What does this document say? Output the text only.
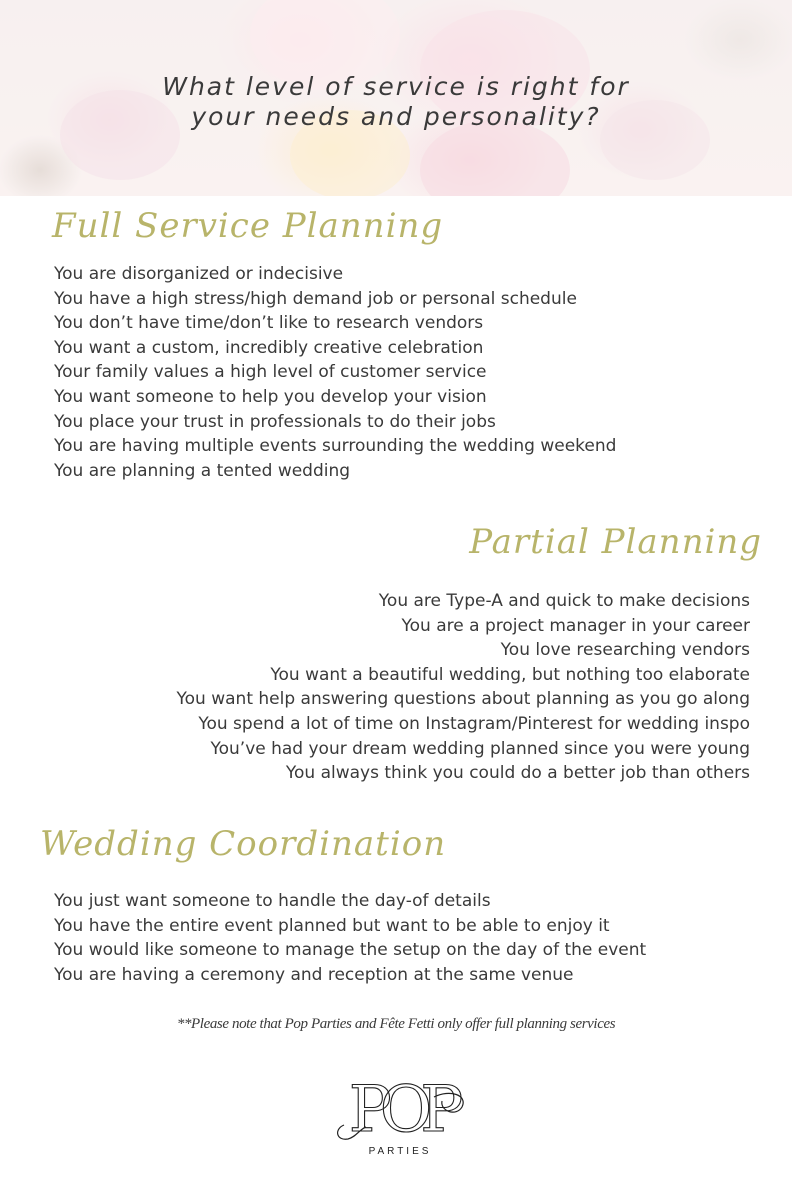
What level of service is right for
your needs and personality?
Full Service Planning
You are disorganized or indecisive
You have a high stress/high demand job or personal schedule
You don’t have time/don’t like to research vendors
You want a custom, incredibly creative celebration
Your family values a high level of customer service
You want someone to help you develop your vision
You place your trust in professionals to do their jobs
You are having multiple events surrounding the wedding weekend
You are planning a tented wedding
Partial Planning
You are Type-A and quick to make decisions
You are a project manager in your career
You love researching vendors
You want a beautiful wedding, but nothing too elaborate
You want help answering questions about planning as you go along
You spend a lot of time on Instagram/Pinterest for wedding inspo
You’ve had your dream wedding planned since you were young
You always think you could do a better job than others
Wedding Coordination
You just want someone to handle the day-of details
You have the entire event planned but want to be able to enjoy it
You would like someone to manage the setup on the day of the event
You are having a ceremony and reception at the same venue
**Please note that Pop Parties and Fête Fetti only offer full planning services
POP
PARTIES
